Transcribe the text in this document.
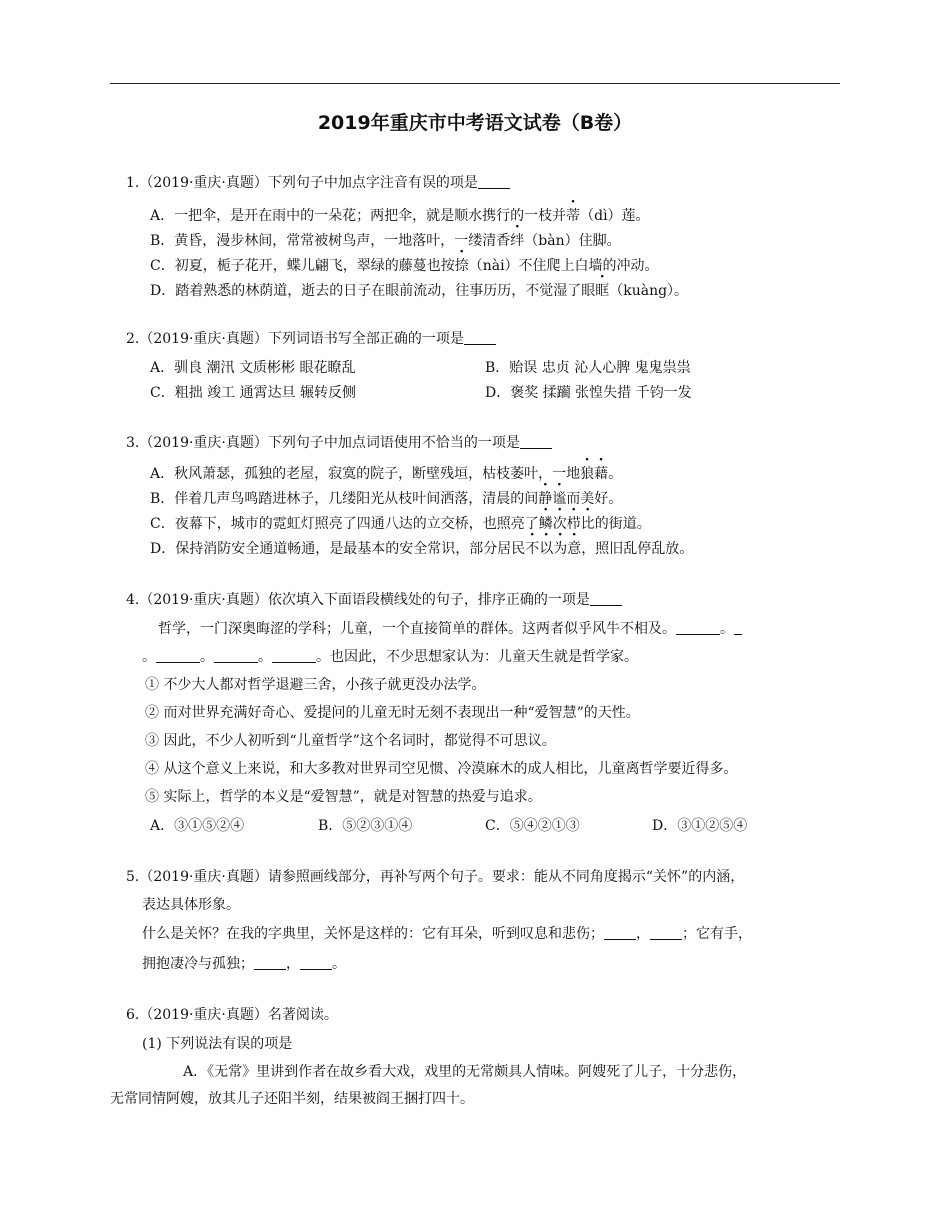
2019年重庆市中考语文试卷（B卷）
1.（2019·重庆·真题）下列句子中加点字注音有误的项是
A．一把伞，是开在雨中的一朵花；两把伞，就是顺水携行的一枝并蒂（dì）莲。
B．黄昏，漫步林间，常常被树鸟声，一地落叶，一缕清香绊（bàn）住脚。
C．初夏，栀子花开，蝶儿翩飞，翠绿的藤蔓也按捺（nài）不住爬上白墙的冲动。
D．踏着熟悉的林荫道，逝去的日子在眼前流动，往事历历，不觉湿了眼眶（kuàng）。
2.（2019·重庆·真题）下列词语书写全部正确的一项是
A．驯良 潮汛 文质彬彬 眼花瞭乱	B．贻误 忠贞 沁人心脾 鬼鬼祟祟
C．粗拙 竣工 通霄达旦 辗转反侧	D．褒奖 揉躏 张惶失措 千钧一发
3.（2019·重庆·真题）下列句子中加点词语使用不恰当的一项是
A．秋风萧瑟，孤独的老屋，寂寞的院子，断壁残垣，枯枝萎叶，一地狼藉。
B．伴着几声鸟鸣踏进林子，几缕阳光从枝叶间洒落，清晨的间静谧而美好。
C．夜幕下，城市的霓虹灯照亮了四通八达的立交桥，也照亮了鳞次栉比的街道。
D．保持消防安全通道畅通，是最基本的安全常识，部分居民不以为意，照旧乱停乱放。
4.（2019·重庆·真题）依次填入下面语段横线处的句子，排序正确的一项是
哲学，一门深奥晦涩的学科；儿童，一个直接简单的群体。这两者似乎风牛不相及。	。
。	。	。	。也因此，不少思想家认为：儿童天生就是哲学家。
① 不少大人都对哲学退避三舍，小孩子就更没办法学。
② 而对世界充满好奇心、爱提问的儿童无时无刻不表现出一种“爱智慧”的天性。
③ 因此，不少人初听到“儿童哲学”这个名词时，都觉得不可思议。
④ 从这个意义上来说，和大多教对世界司空见惯、冷漠麻木的成人相比，儿童离哲学要近得多。
⑤ 实际上，哲学的本义是“爱智慧”，就是对智慧的热爱与追求。
A．③①⑤②④	B．⑤②③①④	C．⑤④②①③	D．③①②⑤④
5.（2019·重庆·真题）请参照画线部分，再补写两个句子。要求：能从不同角度揭示“关怀”的内涵，
表达具体形象。
什么是关怀？在我的字典里，关怀是这样的：它有耳朵，听到叹息和悲伤； ， ；它有手，
拥抱凄冷与孤独； ， 。
6.（2019·重庆·真题）名著阅读。
(1) 下列说法有误的项是
A．《无常》里讲到作者在故乡看大戏，戏里的无常颇具人情味。阿嫂死了儿子，十分悲伤，
无常同情阿嫂，放其儿子还阳半刻，结果被阎王捆打四十。
